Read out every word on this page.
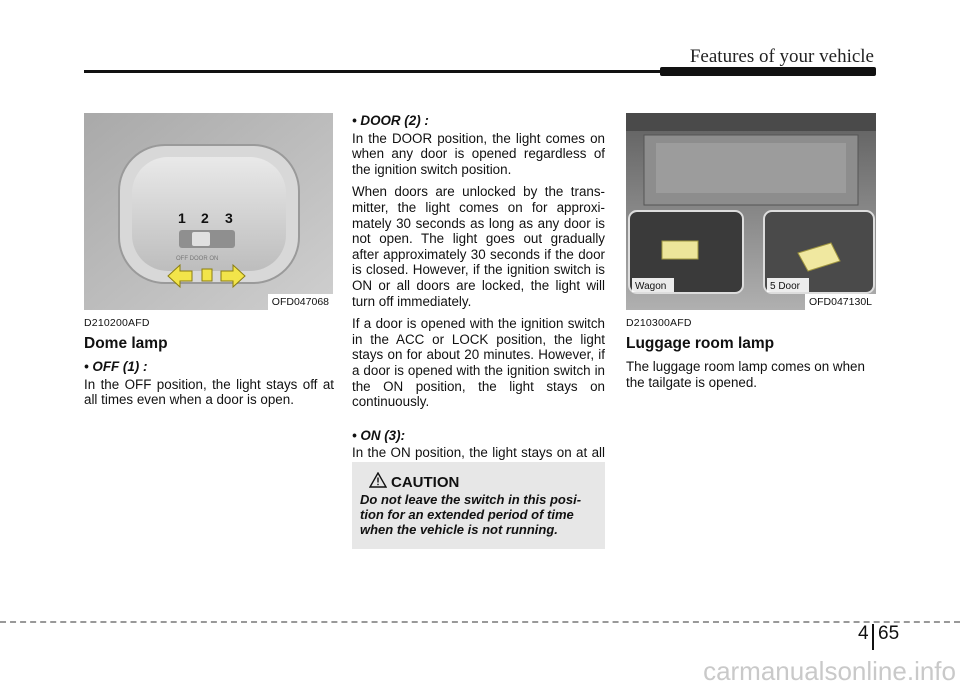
Features of your vehicle
OFF DOOR ON
1 2 3
OFD047068
D210200AFD
Dome lamp
• OFF (1) :

In the OFF position, the light stays off at all times even when a door is open.

• DOOR (2) :

In the DOOR position, the light comes on when any door is opened regardless of the ignition switch position.

When doors are unlocked by the trans-mitter, the light comes on for approxi-mately 30 seconds as long as any door is not open. The light goes out gradually after approximately 30 seconds if the door is closed. However, if the ignition switch is ON or all doors are locked, the light will turn off immediately.

If a door is opened with the ignition switch in the ACC or LOCK position, the light stays on for about 20 minutes. However, if a door is opened with the ignition switch in the ON position, the light stays on continuously.

• ON (3):

In the ON position, the light stays on at all

CAUTION
Do not leave the switch in this posi-tion for an extended period of time when the vehicle is not running.
Wagon	5 Door
OFD047130L
D210300AFD
Luggage room lamp

The luggage room lamp comes on when the tailgate is opened.

4 65
carmanualsonline.info
